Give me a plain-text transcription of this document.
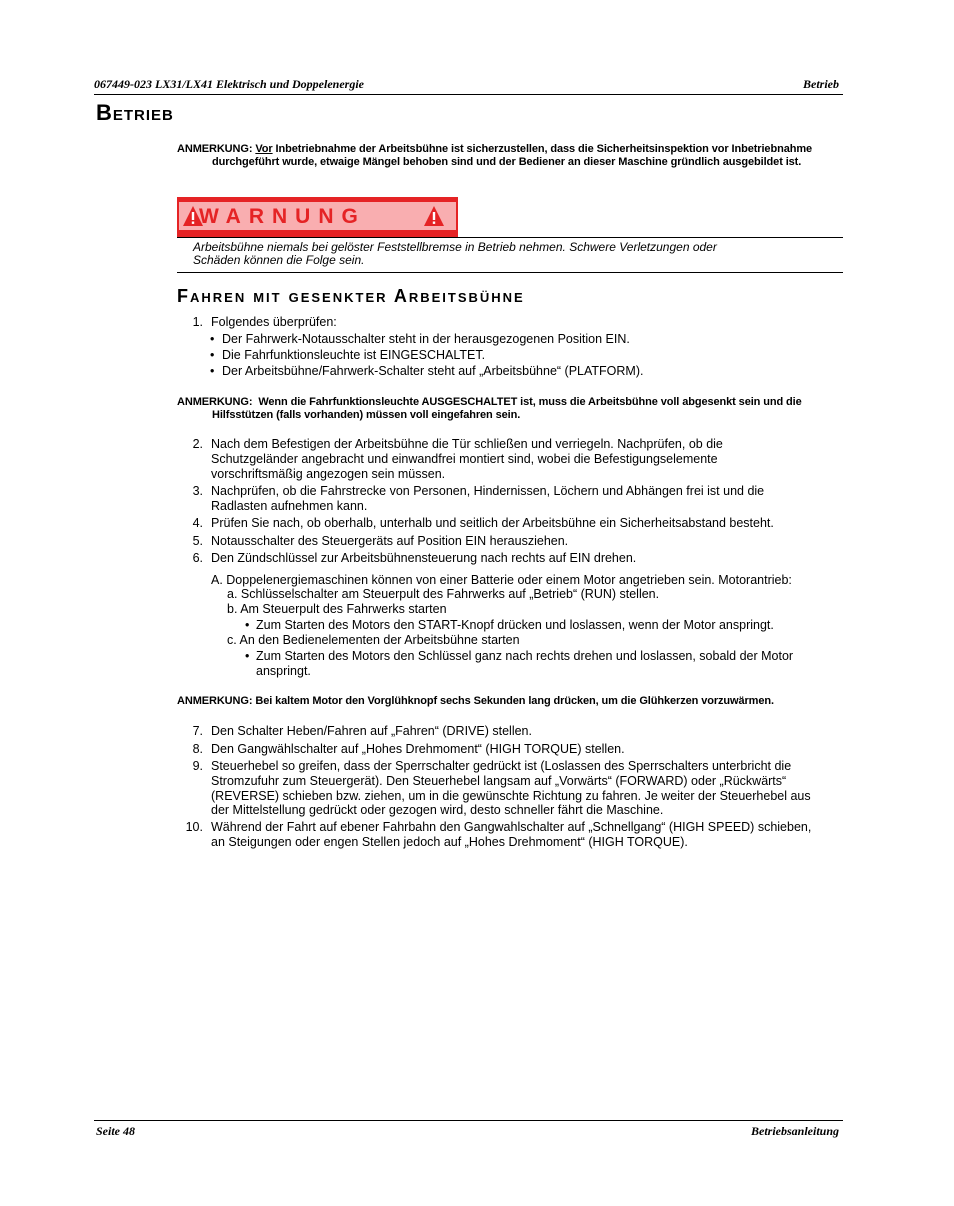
067449-023 LX31/LX41 Elektrisch und Doppelenergie	Betrieb
Betrieb
ANMERKUNG: Vor Inbetriebnahme der Arbeitsbühne ist sicherzustellen, dass die Sicherheitsinspektion vor Inbetriebnahme
durchgeführt wurde, etwaige Mängel behoben sind und der Bediener an dieser Maschine gründlich ausgebildet ist.
WARNUNG
Arbeitsbühne niemals bei gelöster Feststellbremse in Betrieb nehmen. Schwere Verletzungen oder
Schäden können die Folge sein.
Fahren mit gesenkter Arbeitsbühne
1. Folgendes überprüfen:
• Der Fahrwerk-Notausschalter steht in der herausgezogenen Position EIN.
• Die Fahrfunktionsleuchte ist EINGESCHALTET.
• Der Arbeitsbühne/Fahrwerk-Schalter steht auf „Arbeitsbühne“ (PLATFORM).
ANMERKUNG: Wenn die Fahrfunktionsleuchte AUSGESCHALTET ist, muss die Arbeitsbühne voll abgesenkt sein und die
Hilfsstützen (falls vorhanden) müssen voll eingefahren sein.
2. Nach dem Befestigen der Arbeitsbühne die Tür schließen und verriegeln. Nachprüfen, ob die
Schutzgeländer angebracht und einwandfrei montiert sind, wobei die Befestigungselemente
vorschriftsmäßig angezogen sein müssen.
3. Nachprüfen, ob die Fahrstrecke von Personen, Hindernissen, Löchern und Abhängen frei ist und die
Radlasten aufnehmen kann.
4. Prüfen Sie nach, ob oberhalb, unterhalb und seitlich der Arbeitsbühne ein Sicherheitsabstand besteht.
5. Notausschalter des Steuergeräts auf Position EIN herausziehen.
6. Den Zündschlüssel zur Arbeitsbühnensteuerung nach rechts auf EIN drehen.
A. Doppelenergiemaschinen können von einer Batterie oder einem Motor angetrieben sein. Motorantrieb:
a. Schlüsselschalter am Steuerpult des Fahrwerks auf „Betrieb“ (RUN) stellen.
b. Am Steuerpult des Fahrwerks starten
• Zum Starten des Motors den START-Knopf drücken und loslassen, wenn der Motor anspringt.
c. An den Bedienelementen der Arbeitsbühne starten
• Zum Starten des Motors den Schlüssel ganz nach rechts drehen und loslassen, sobald der Motor
anspringt.
ANMERKUNG: Bei kaltem Motor den Vorglühknopf sechs Sekunden lang drücken, um die Glühkerzen vorzuwärmen.
7. Den Schalter Heben/Fahren auf „Fahren“ (DRIVE) stellen.
8. Den Gangwählschalter auf „Hohes Drehmoment“ (HIGH TORQUE) stellen.
9. Steuerhebel so greifen, dass der Sperrschalter gedrückt ist (Loslassen des Sperrschalters unterbricht die
Stromzufuhr zum Steuergerät). Den Steuerhebel langsam auf „Vorwärts“ (FORWARD) oder „Rückwärts“
(REVERSE) schieben bzw. ziehen, um in die gewünschte Richtung zu fahren. Je weiter der Steuerhebel aus
der Mittelstellung gedrückt oder gezogen wird, desto schneller fährt die Maschine.
10. Während der Fahrt auf ebener Fahrbahn den Gangwahlschalter auf „Schnellgang“ (HIGH SPEED) schieben,
an Steigungen oder engen Stellen jedoch auf „Hohes Drehmoment“ (HIGH TORQUE).
Seite 48	Betriebsanleitung
